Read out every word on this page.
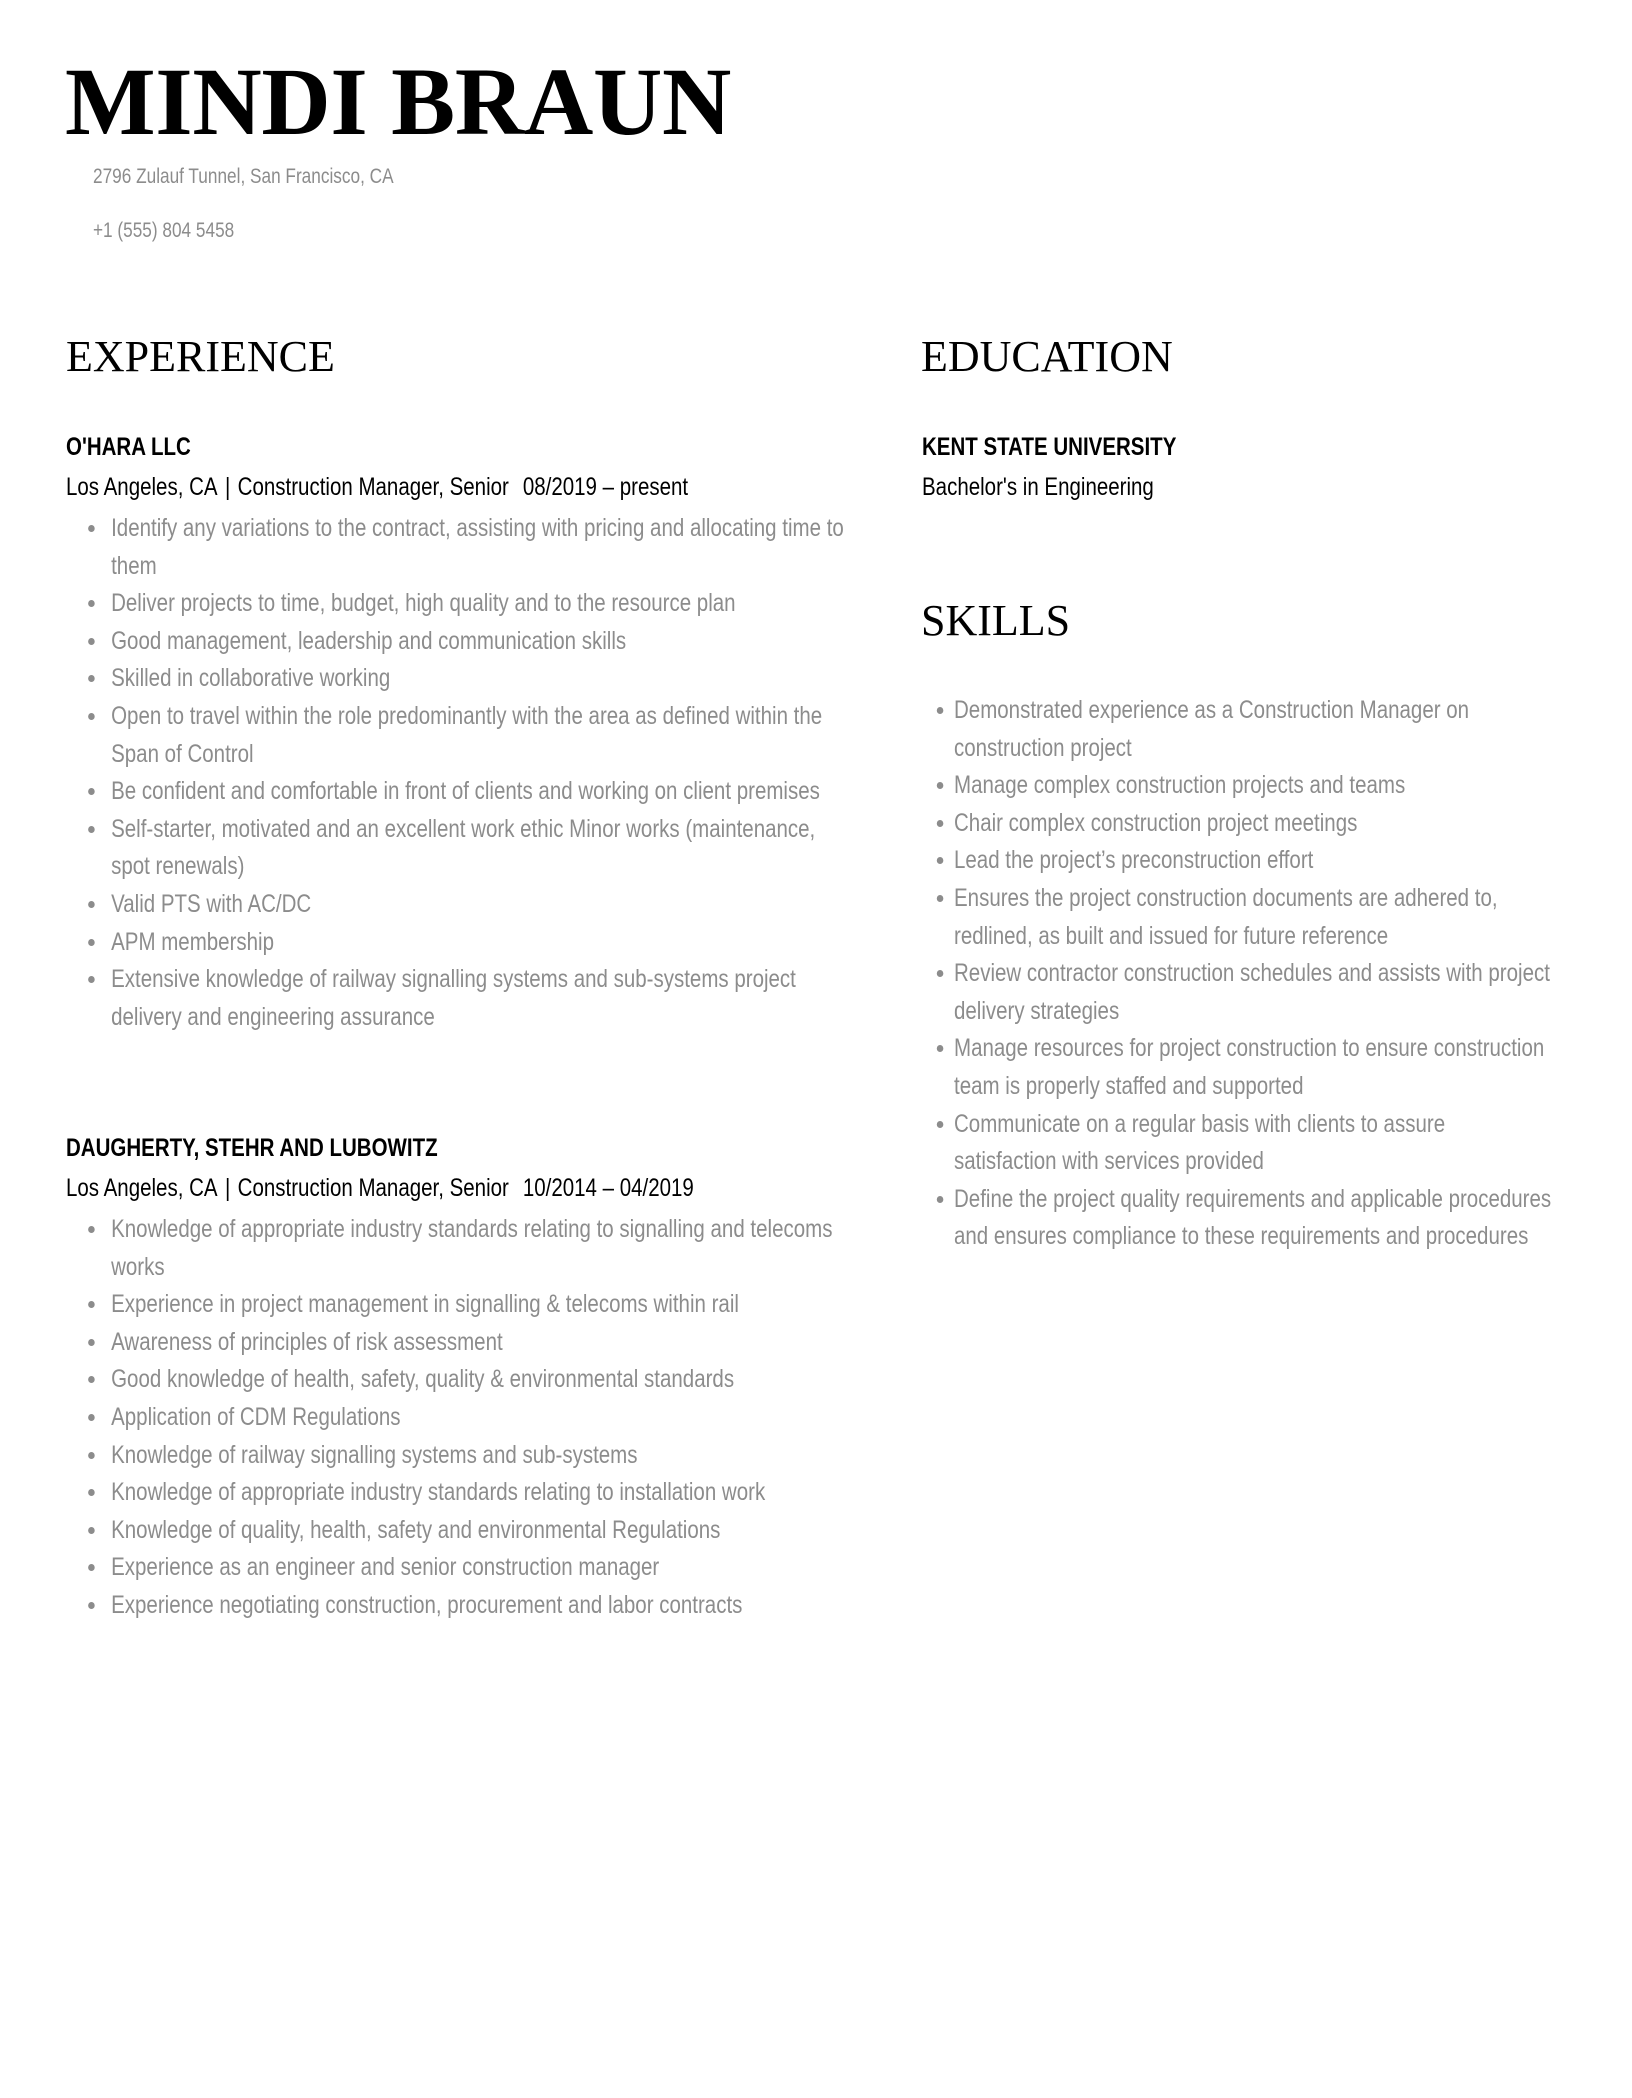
MINDI BRAUN
2796 Zulauf Tunnel, San Francisco, CA
+1 (555) 804 5458
EXPERIENCE
O'HARA LLC
Los Angeles, CA | Construction Manager, Senior 08/2019 – present
Identify any variations to the contract, assisting with pricing and allocating time to them
Deliver projects to time, budget, high quality and to the resource plan
Good management, leadership and communication skills
Skilled in collaborative working
Open to travel within the role predominantly with the area as defined within the Span of Control
Be confident and comfortable in front of clients and working on client premises
Self-starter, motivated and an excellent work ethic Minor works (maintenance, spot renewals)
Valid PTS with AC/DC
APM membership
Extensive knowledge of railway signalling systems and sub-systems project delivery and engineering assurance
DAUGHERTY, STEHR AND LUBOWITZ
Los Angeles, CA | Construction Manager, Senior 10/2014 – 04/2019
Knowledge of appropriate industry standards relating to signalling and telecoms works
Experience in project management in signalling & telecoms within rail
Awareness of principles of risk assessment
Good knowledge of health, safety, quality & environmental standards
Application of CDM Regulations
Knowledge of railway signalling systems and sub-systems
Knowledge of appropriate industry standards relating to installation work
Knowledge of quality, health, safety and environmental Regulations
Experience as an engineer and senior construction manager
Experience negotiating construction, procurement and labor contracts
EDUCATION
KENT STATE UNIVERSITY
Bachelor's in Engineering
SKILLS
Demonstrated experience as a Construction Manager on construction project
Manage complex construction projects and teams
Chair complex construction project meetings
Lead the project’s preconstruction effort
Ensures the project construction documents are adhered to, redlined, as built and issued for future reference
Review contractor construction schedules and assists with project delivery strategies
Manage resources for project construction to ensure construction team is properly staffed and supported
Communicate on a regular basis with clients to assure satisfaction with services provided
Define the project quality requirements and applicable procedures and ensures compliance to these requirements and procedures
